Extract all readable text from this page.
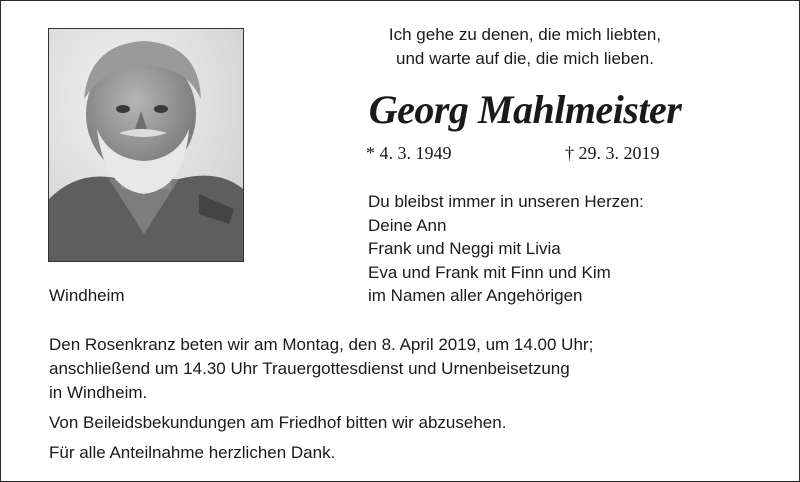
Windheim
Ich gehe zu denen, die mich liebten,
und warte auf die, die mich lieben.
Georg Mahlmeister
* 4. 3. 1949	† 29. 3. 2019
Du bleibst immer in unseren Herzen:
Deine Ann
Frank und Neggi mit Livia
Eva und Frank mit Finn und Kim
im Namen aller Angehörigen
Den Rosenkranz beten wir am Montag, den 8. April 2019, um 14.00 Uhr;
anschließend um 14.30 Uhr Trauergottesdienst und Urnenbeisetzung
in Windheim.
Von Beileidsbekundungen am Friedhof bitten wir abzusehen.
Für alle Anteilnahme herzlichen Dank.
